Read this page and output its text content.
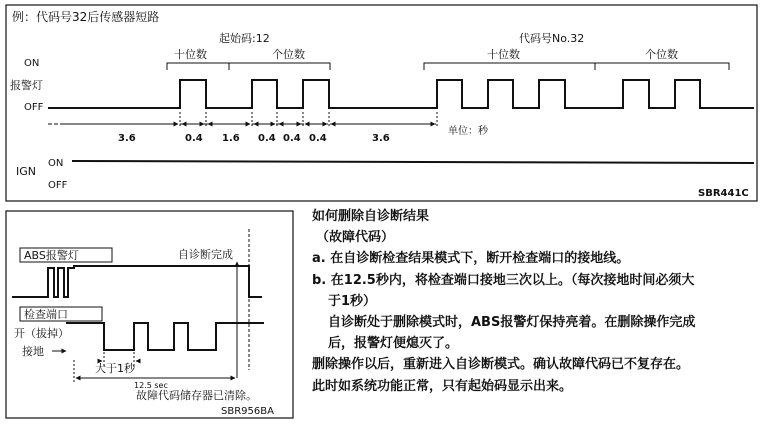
例：代码号32后传感器短路
起始码:12	代码号No.32
十位数	个位数	十位数	个位数
ON
报警灯
OFF
3.6	0.4 1.6 0.4 0.4 0.4	3.6
单位：秒
ON
IGN
OFF
SBR441C
ABS报警灯	自诊断完成
检查端口
开（拔掉）
接地
大于1秒
12.5 sec
故障代码储存器已清除。
SBR956BA
如何删除自诊断结果
（故障代码）
a. 在自诊断检查结果模式下，断开检查端口的接地线。
b. 在12.5秒内，将检查端口接地三次以上。（每次接地时间必须大
于1秒）
自诊断处于删除模式时，ABS报警灯保持亮着。在删除操作完成
后，报警灯便熄灭了。
删除操作以后，重新进入自诊断模式。确认故障代码已不复存在。
此时如系统功能正常，只有起始码显示出来。
